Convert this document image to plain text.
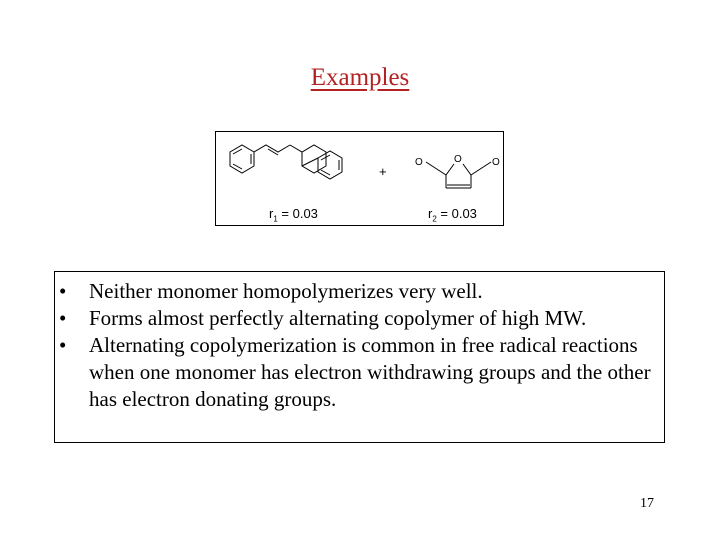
Examples
O	O	O
+
$r_1 = 0.03$	$r_2 = 0.03$
• Neither monomer homopolymerizes very well.
• Forms almost perfectly alternating copolymer of high MW.
• Alternating copolymerization is common in free radical reactions when one monomer has electron withdrawing groups and the other has electron donating groups.
17
